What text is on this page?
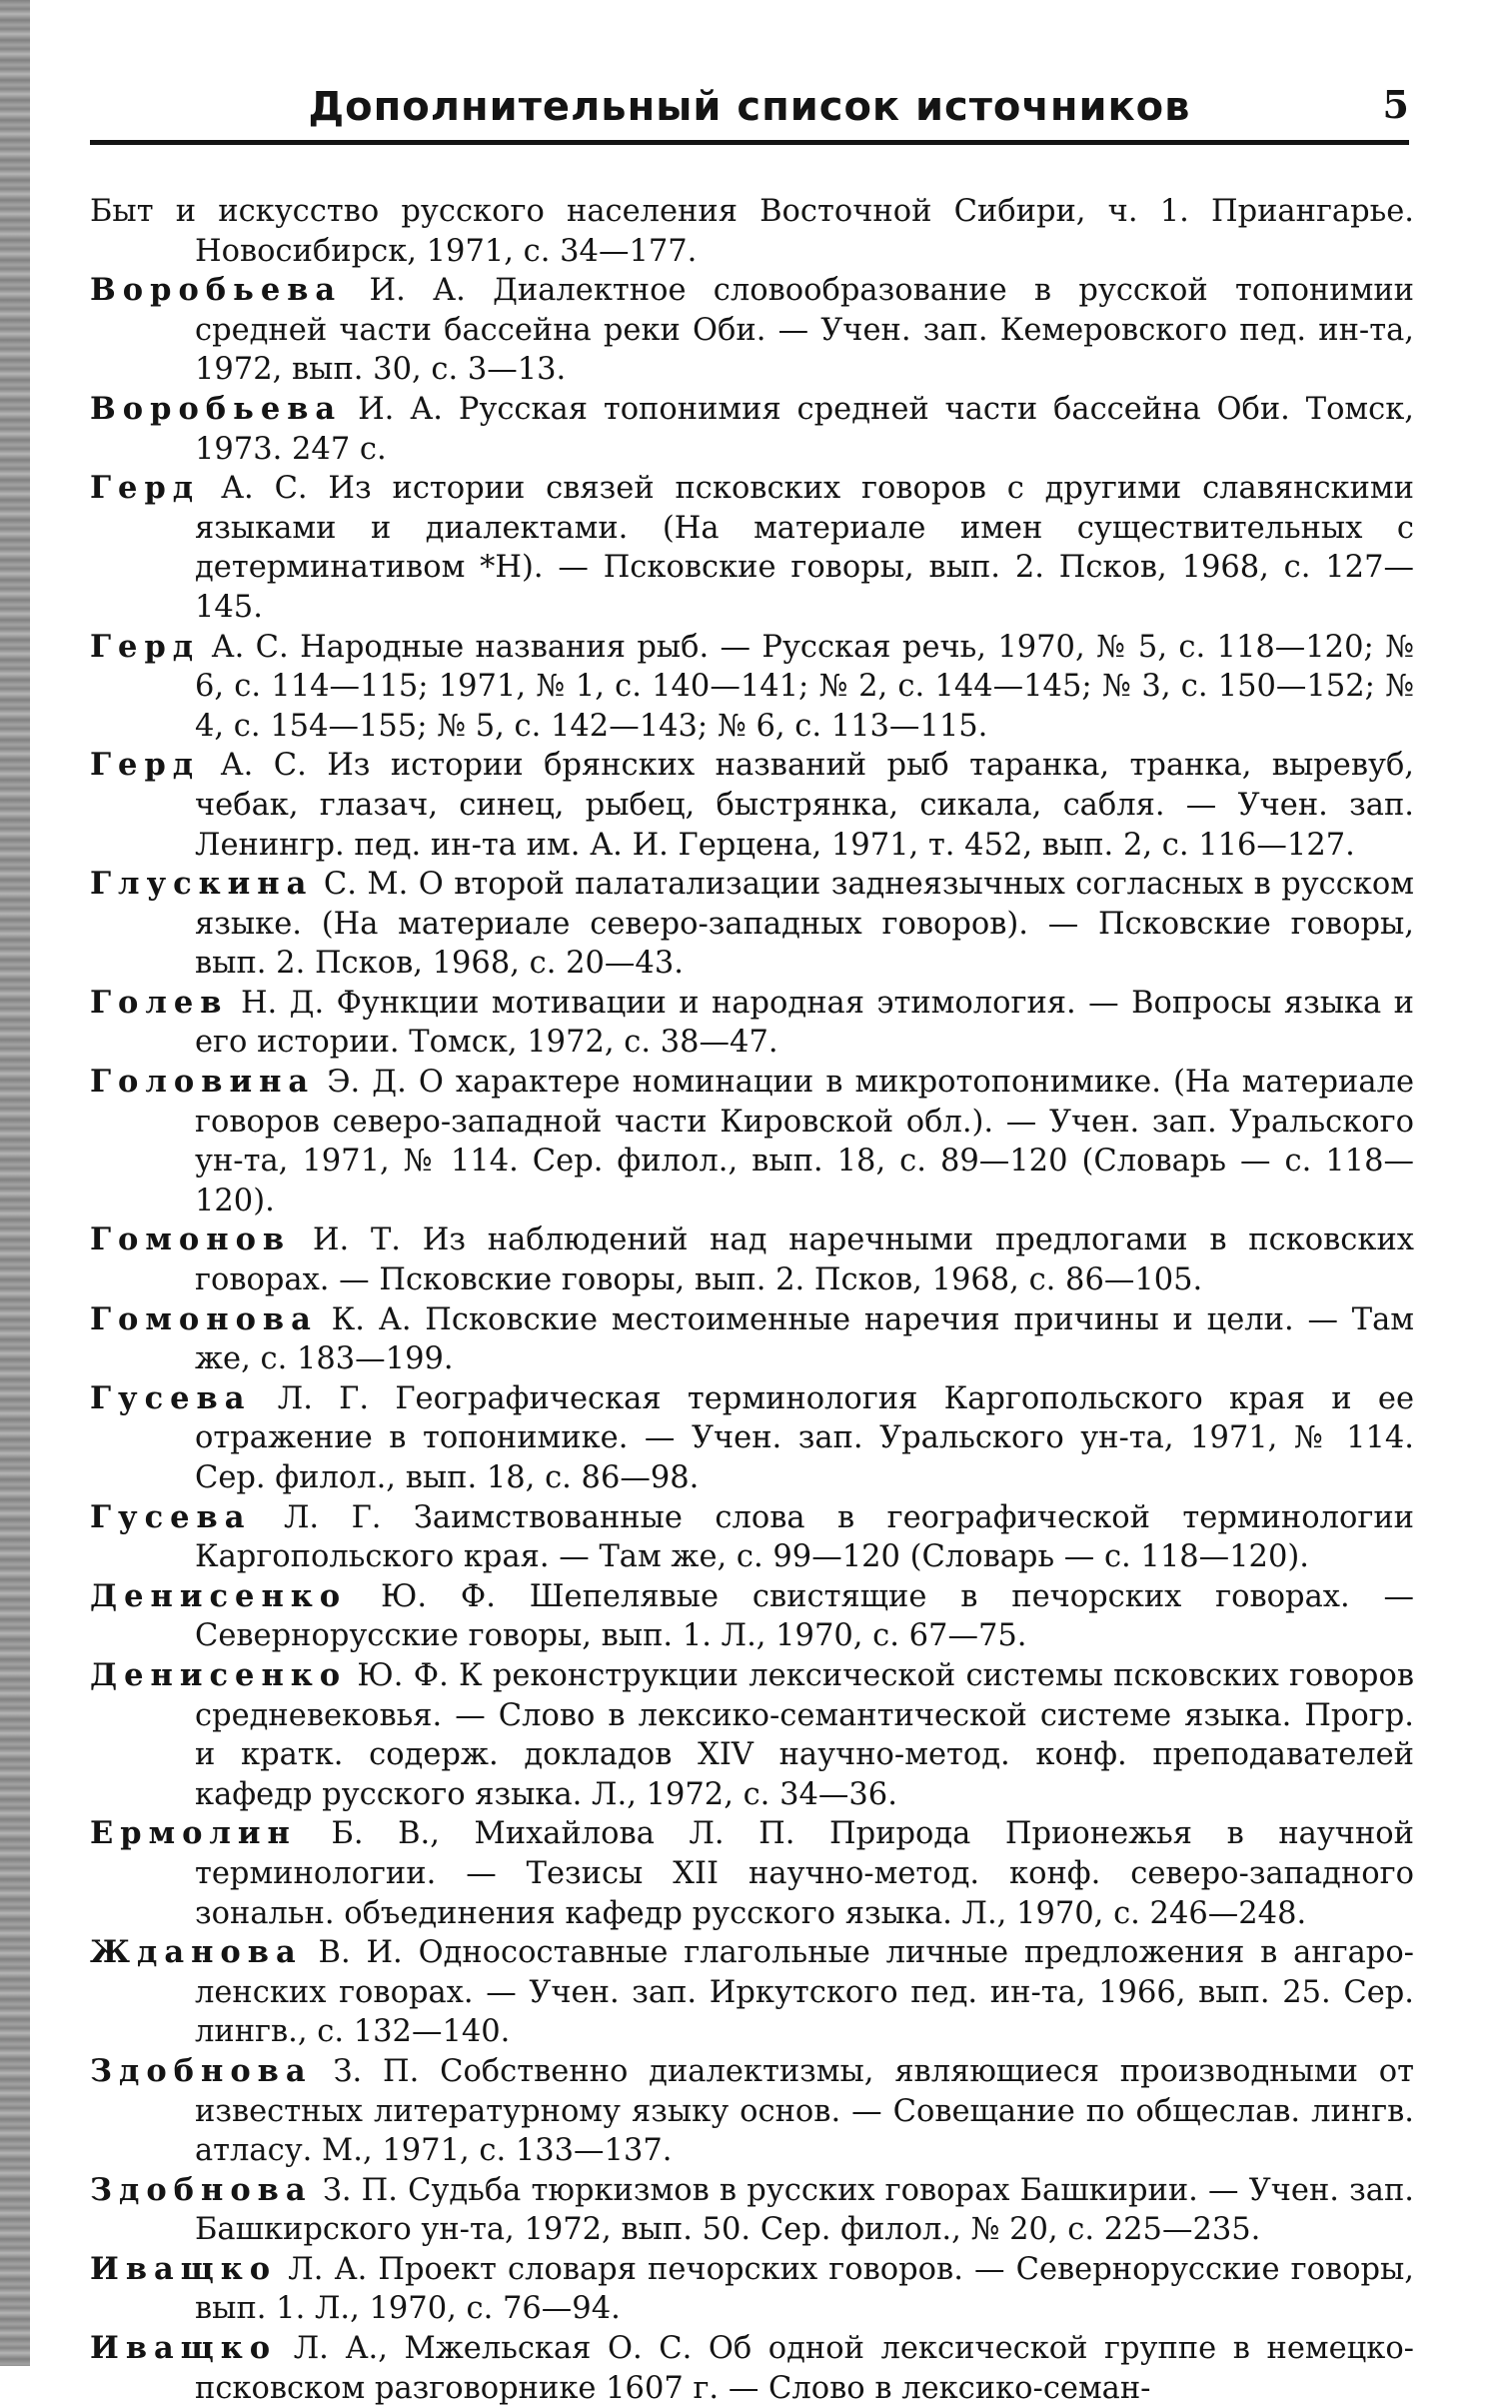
Дополнительный список источников	5
Быт и искусство русского населения Восточной Сибири, ч. 1. Приангарье. Новосибирск, 1971, с. 34—177.
Воробьева И. А. Диалектное словообразование в русской топонимии средней части бассейна реки Оби. — Учен. зап. Кемеровского пед. ин-та, 1972, вып. 30, с. 3—13.
Воробьева И. А. Русская топонимия средней части бассейна Оби. Томск, 1973. 247 с.
Герд А. С. Из истории связей псковских говоров с другими славянскими языками и диалектами. (На материале имен существительных с детерминативом *Н). — Псковские говоры, вып. 2. Псков, 1968, с. 127—145.
Герд А. С. Народные названия рыб. — Русская речь, 1970, № 5, с. 118—120; № 6, с. 114—115; 1971, № 1, с. 140—141; № 2, с. 144—145; № 3, с. 150—152; № 4, с. 154—155; № 5, с. 142—143; № 6, с. 113—115.
Герд А. С. Из истории брянских названий рыб таранка, транка, выревуб, чебак, глазач, синец, рыбец, быстрянка, сикала, сабля. — Учен. зап. Ленингр. пед. ин-та им. А. И. Герцена, 1971, т. 452, вып. 2, с. 116—127.
Глускина С. М. О второй палатализации заднеязычных согласных в русском языке. (На материале северо-западных говоров). — Псковские говоры, вып. 2. Псков, 1968, с. 20—43.
Голев Н. Д. Функции мотивации и народная этимология. — Вопросы языка и его истории. Томск, 1972, с. 38—47.
Головина Э. Д. О характере номинации в микротопонимике. (На материале говоров северо-западной части Кировской обл.). — Учен. зап. Уральского ун-та, 1971, № 114. Сер. филол., вып. 18, с. 89—120 (Словарь — с. 118—120).
Гомонов И. Т. Из наблюдений над наречными предлогами в псковских говорах. — Псковские говоры, вып. 2. Псков, 1968, с. 86—105.
Гомонова К. А. Псковские местоименные наречия причины и цели. — Там же, с. 183—199.
Гусева Л. Г. Географическая терминология Каргопольского края и ее отражение в топонимике. — Учен. зап. Уральского ун-та, 1971, № 114. Сер. филол., вып. 18, с. 86—98.
Гусева Л. Г. Заимствованные слова в географической терминологии Каргопольского края. — Там же, с. 99—120 (Словарь — с. 118—120).
Денисенко Ю. Ф. Шепелявые свистящие в печорских говорах. — Севернорусские говоры, вып. 1. Л., 1970, с. 67—75.
Денисенко Ю. Ф. К реконструкции лексической системы псковских говоров средневековья. — Слово в лексико-семантической системе языка. Прогр. и кратк. содерж. докладов XIV научно-метод. конф. преподавателей кафедр русского языка. Л., 1972, с. 34—36.
Ермолин Б. В., Михайлова Л. П. Природа Прионежья в научной терминологии. — Тезисы XII научно-метод. конф. северо-западного зональн. объединения кафедр русского языка. Л., 1970, с. 246—248.
Жданова В. И. Односоставные глагольные личные предложения в ангаро-ленских говорах. — Учен. зап. Иркутского пед. ин-та, 1966, вып. 25. Сер. лингв., с. 132—140.
Здобнова З. П. Собственно диалектизмы, являющиеся производными от известных литературному языку основ. — Совещание по общеслав. лингв. атласу. М., 1971, с. 133—137.
Здобнова З. П. Судьба тюркизмов в русских говорах Башкирии. — Учен. зап. Башкирского ун-та, 1972, вып. 50. Сер. филол., № 20, с. 225—235.
Иващко Л. А. Проект словаря печорских говоров. — Севернорусские говоры, вып. 1. Л., 1970, с. 76—94.
Иващко Л. А., Мжельская О. С. Об одной лексической группе в немецко-псковском разговорнике 1607 г. — Слово в лексико-семан-
